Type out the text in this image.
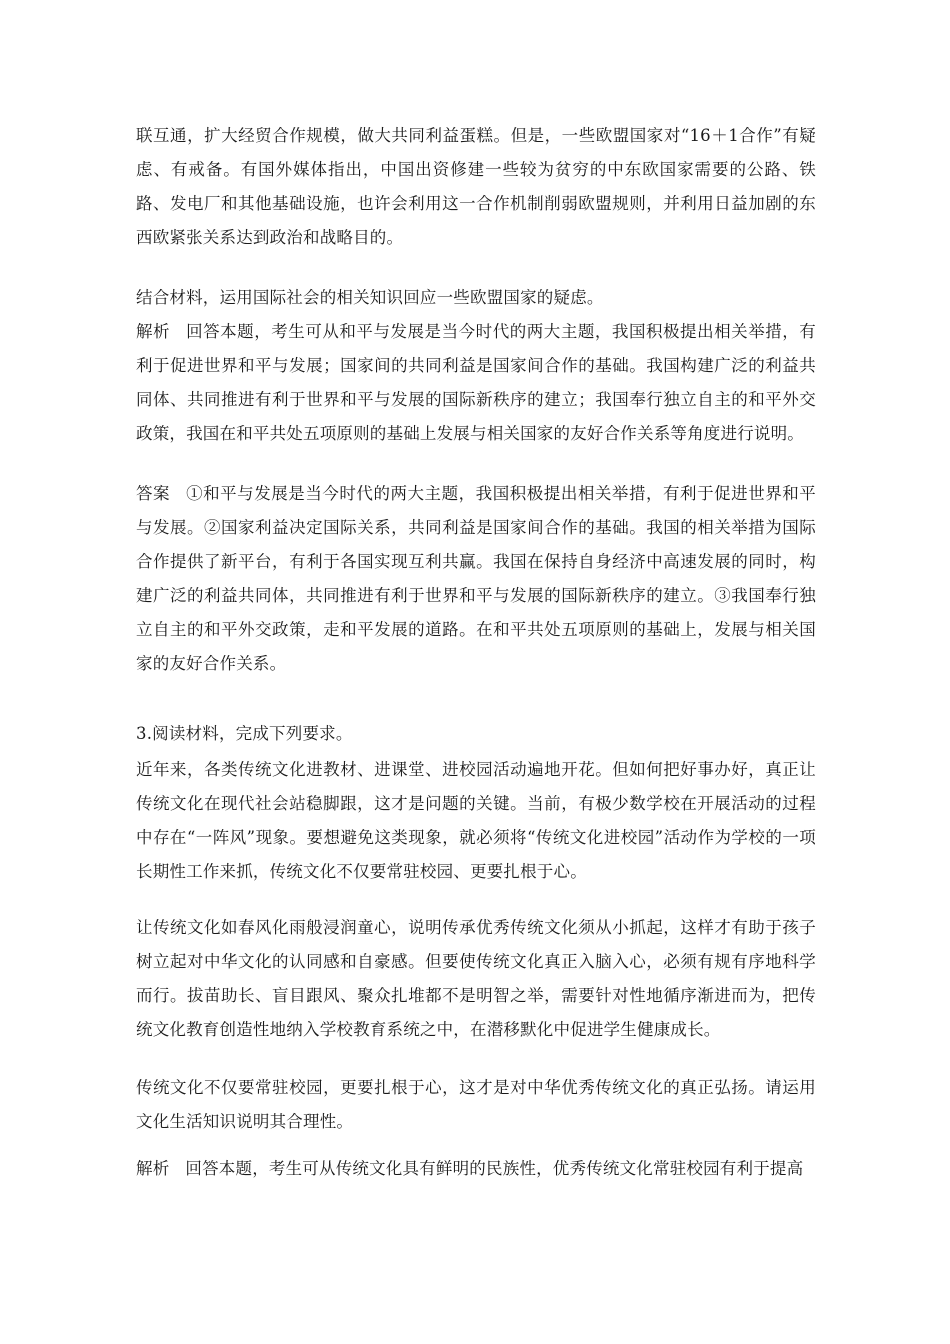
联互通，扩大经贸合作规模，做大共同利益蛋糕。但是，一些欧盟国家对“16＋1合作”有疑虑、有戒备。有国外媒体指出，中国出资修建一些较为贫穷的中东欧国家需要的公路、铁路、发电厂和其他基础设施，也许会利用这一合作机制削弱欧盟规则，并利用日益加剧的东西欧紧张关系达到政治和战略目的。

结合材料，运用国际社会的相关知识回应一些欧盟国家的疑虑。

解析 回答本题，考生可从和平与发展是当今时代的两大主题，我国积极提出相关举措，有利于促进世界和平与发展；国家间的共同利益是国家间合作的基础。我国构建广泛的利益共同体、共同推进有利于世界和平与发展的国际新秩序的建立；我国奉行独立自主的和平外交政策，我国在和平共处五项原则的基础上发展与相关国家的友好合作关系等角度进行说明。

答案 ①和平与发展是当今时代的两大主题，我国积极提出相关举措，有利于促进世界和平与发展。②国家利益决定国际关系，共同利益是国家间合作的基础。我国的相关举措为国际合作提供了新平台，有利于各国实现互利共赢。我国在保持自身经济中高速发展的同时，构建广泛的利益共同体，共同推进有利于世界和平与发展的国际新秩序的建立。③我国奉行独立自主的和平外交政策，走和平发展的道路。在和平共处五项原则的基础上，发展与相关国家的友好合作关系。

3.阅读材料，完成下列要求。

近年来，各类传统文化进教材、进课堂、进校园活动遍地开花。但如何把好事办好，真正让传统文化在现代社会站稳脚跟，这才是问题的关键。当前，有极少数学校在开展活动的过程中存在“一阵风”现象。要想避免这类现象，就必须将“传统文化进校园”活动作为学校的一项长期性工作来抓，传统文化不仅要常驻校园、更要扎根于心。

让传统文化如春风化雨般浸润童心，说明传承优秀传统文化须从小抓起，这样才有助于孩子树立起对中华文化的认同感和自豪感。但要使传统文化真正入脑入心，必须有规有序地科学而行。拔苗助长、盲目跟风、聚众扎堆都不是明智之举，需要针对性地循序渐进而为，把传统文化教育创造性地纳入学校教育系统之中，在潜移默化中促进学生健康成长。

传统文化不仅要常驻校园，更要扎根于心，这才是对中华优秀传统文化的真正弘扬。请运用文化生活知识说明其合理性。

解析 回答本题，考生可从传统文化具有鲜明的民族性，优秀传统文化常驻校园有利于提高
